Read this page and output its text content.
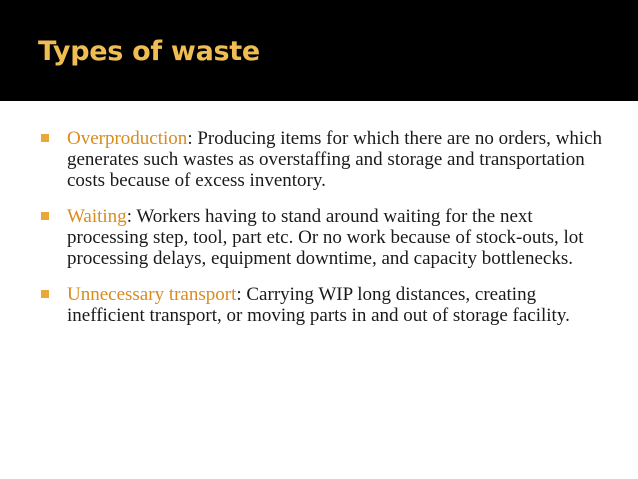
Types of waste
Overproduction: Producing items for which there are no orders, which generates such wastes as overstaffing and storage and transportation costs because of excess inventory.
Waiting: Workers having to stand around waiting for the next processing step, tool, part etc. Or no work because of stock-outs, lot processing delays, equipment downtime, and capacity bottlenecks.
Unnecessary transport: Carrying WIP long distances, creating inefficient transport, or moving parts in and out of storage facility.
